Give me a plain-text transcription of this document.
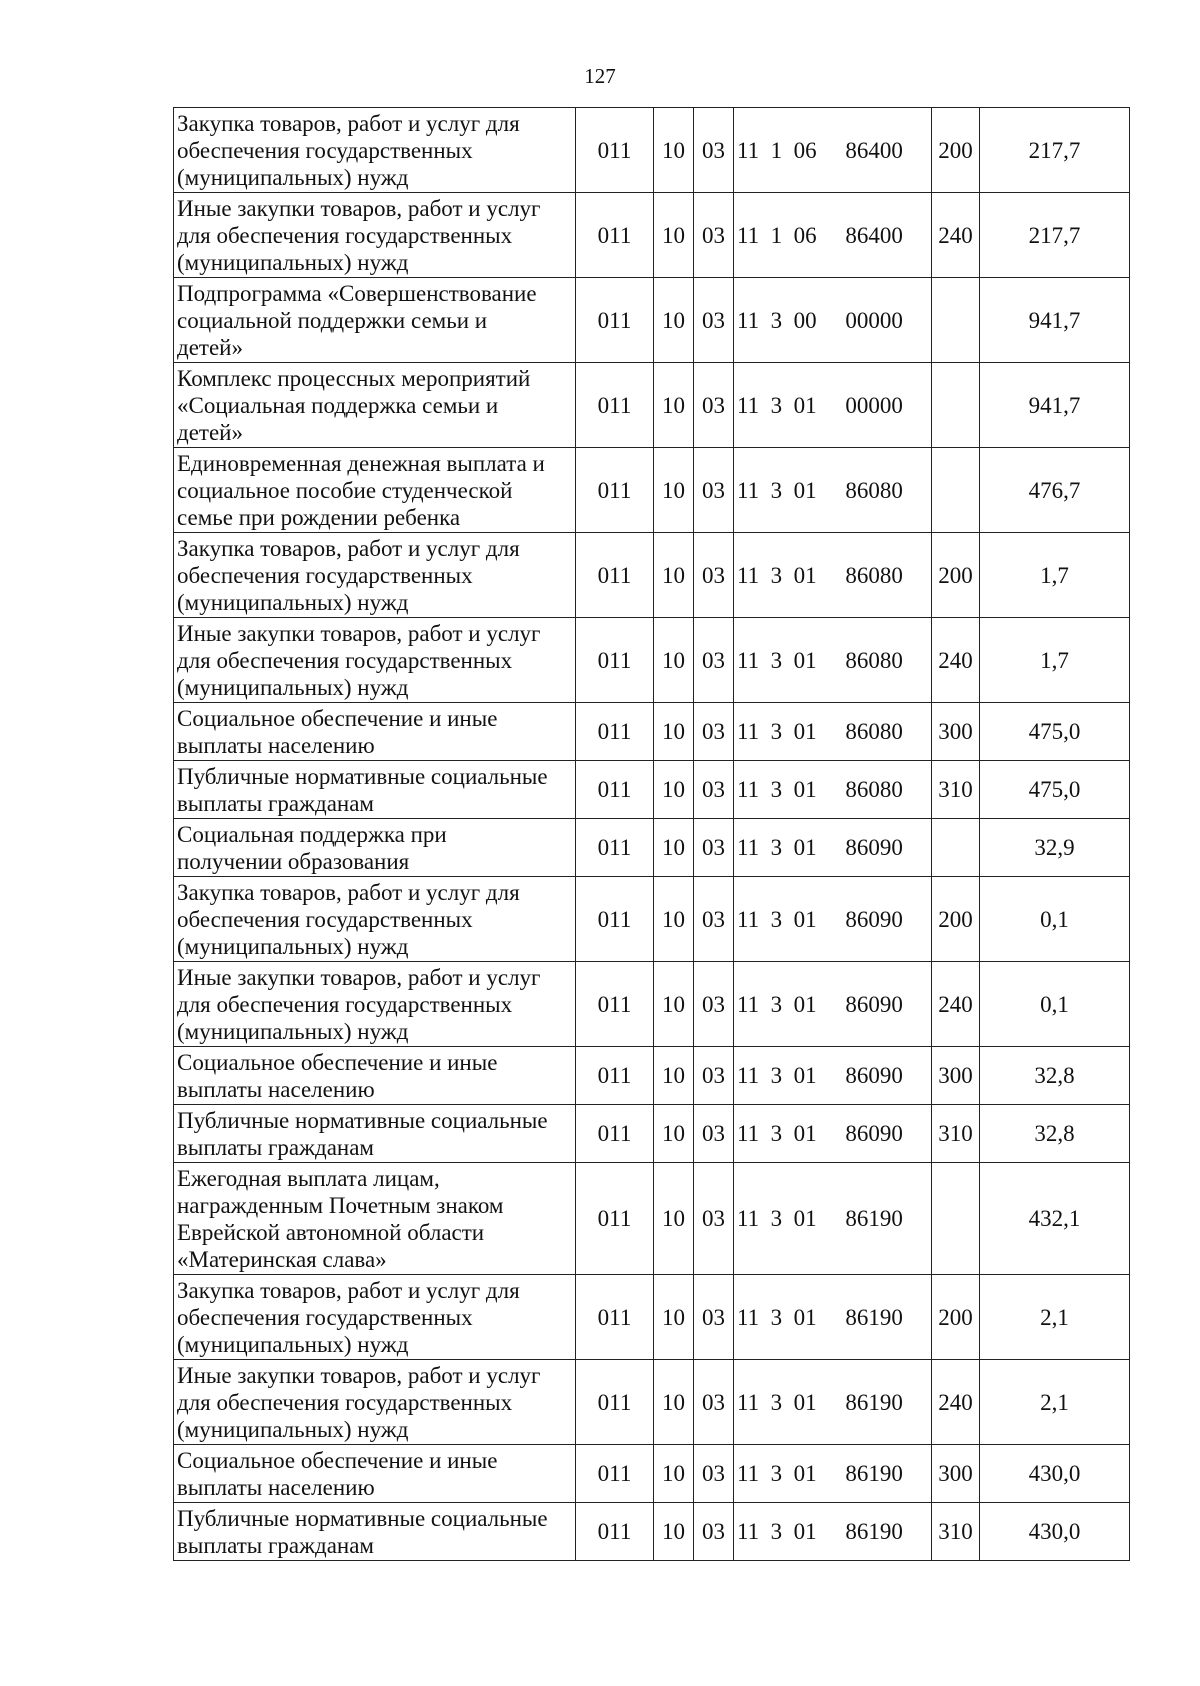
127
Закупка товаров, работ и услуг для
обеспечения государственных
(муниципальных) нужд	011	10	03	11  1  06     86400	200	217,7

Иные закупки товаров, работ и услуг
для обеспечения государственных
(муниципальных) нужд	011	10	03	11  1  06     86400	240	217,7

Подпрограмма «Совершенствование
социальной поддержки семьи и
детей»	011	10	03	11  3  00     00000		941,7

Комплекс процессных мероприятий
«Социальная поддержка семьи и
детей»	011	10	03	11  3  01     00000		941,7

Единовременная денежная выплата и
социальное пособие студенческой
семье при рождении ребенка	011	10	03	11  3  01     86080		476,7

Закупка товаров, работ и услуг для
обеспечения государственных
(муниципальных) нужд	011	10	03	11  3  01     86080	200	1,7

Иные закупки товаров, работ и услуг
для обеспечения государственных
(муниципальных) нужд	011	10	03	11  3  01     86080	240	1,7

Социальное обеспечение и иные
выплаты населению	011	10	03	11  3  01     86080	300	475,0

Публичные нормативные социальные
выплаты гражданам	011	10	03	11  3  01     86080	310	475,0

Социальная поддержка при
получении образования	011	10	03	11  3  01     86090		32,9

Закупка товаров, работ и услуг для
обеспечения государственных
(муниципальных) нужд	011	10	03	11  3  01     86090	200	0,1

Иные закупки товаров, работ и услуг
для обеспечения государственных
(муниципальных) нужд	011	10	03	11  3  01     86090	240	0,1

Социальное обеспечение и иные
выплаты населению	011	10	03	11  3  01     86090	300	32,8

Публичные нормативные социальные
выплаты гражданам	011	10	03	11  3  01     86090	310	32,8

Ежегодная выплата лицам,
награжденным Почетным знаком
Еврейской автономной области
«Материнская слава»	011	10	03	11  3  01     86190		432,1

Закупка товаров, работ и услуг для
обеспечения государственных
(муниципальных) нужд	011	10	03	11  3  01     86190	200	2,1

Иные закупки товаров, работ и услуг
для обеспечения государственных
(муниципальных) нужд	011	10	03	11  3  01     86190	240	2,1

Социальное обеспечение и иные
выплаты населению	011	10	03	11  3  01     86190	300	430,0

Публичные нормативные социальные
выплаты гражданам	011	10	03	11  3  01     86190	310	430,0
